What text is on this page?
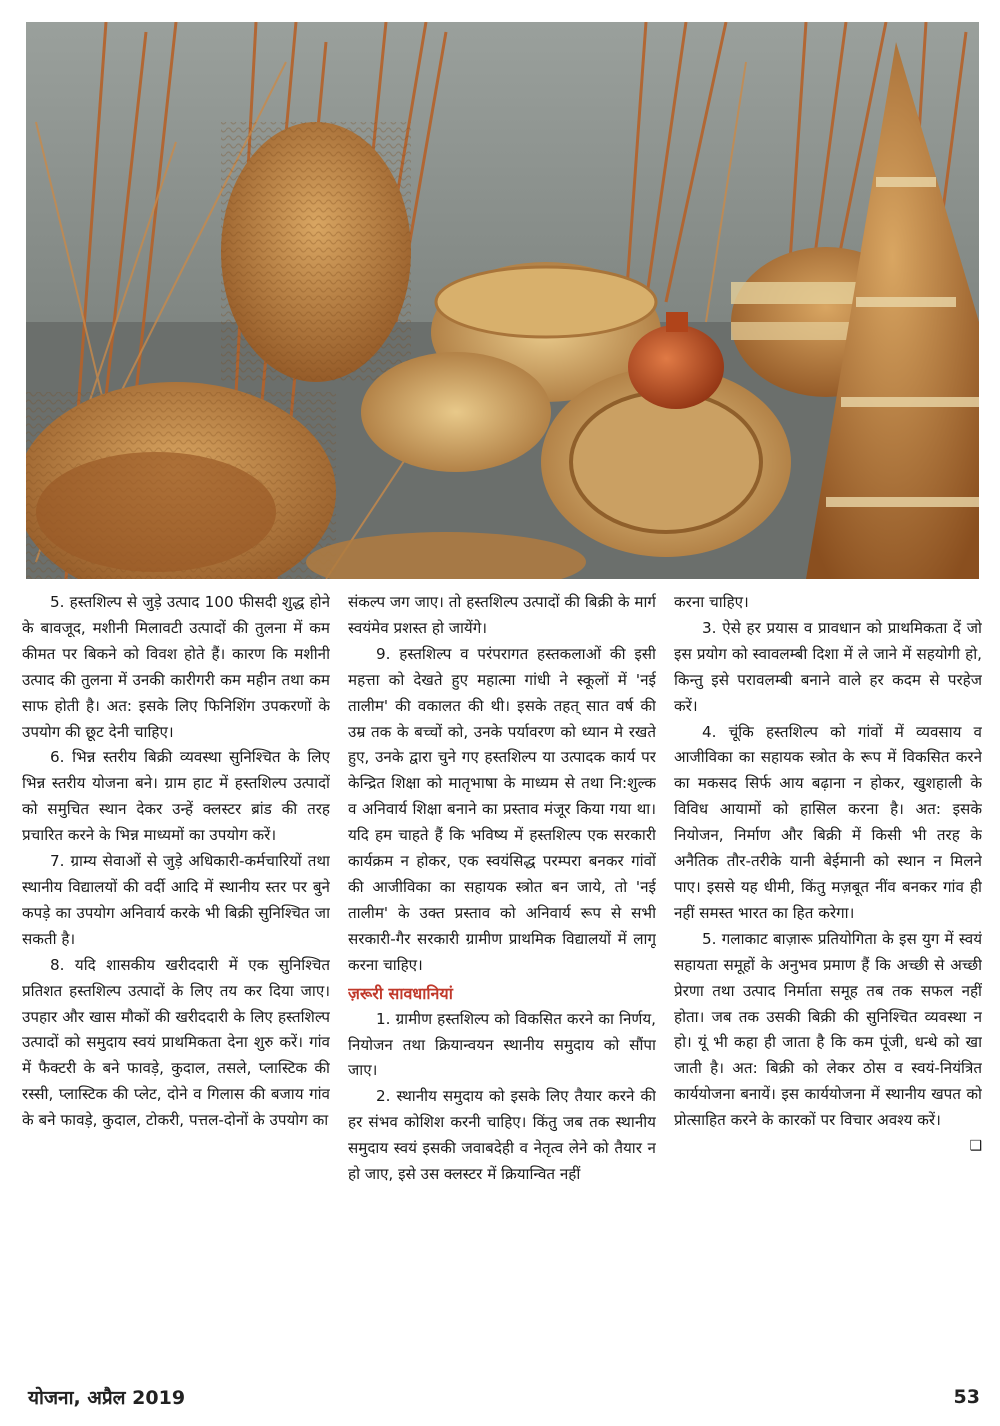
5. हस्तशिल्प से जुड़े उत्पाद 100 फीसदी शुद्ध होने के बावजूद, मशीनी मिलावटी उत्पादों की तुलना में कम कीमत पर बिकने को विवश होते हैं। कारण कि मशीनी उत्पाद की तुलना में उनकी कारीगरी कम महीन तथा कम साफ होती है। अत: इसके लिए फिनिशिंग उपकरणों के उपयोग की छूट देनी चाहिए।

6. भिन्न स्तरीय बिक्री व्यवस्था सुनिश्चित के लिए भिन्न स्तरीय योजना बने। ग्राम हाट में हस्तशिल्प उत्पादों को समुचित स्थान देकर उन्हें क्लस्टर ब्रांड की तरह प्रचारित करने के भिन्न माध्यमों का उपयोग करें।

7. ग्राम्य सेवाओं से जुड़े अधिकारी-कर्मचारियों तथा स्थानीय विद्यालयों की वर्दी आदि में स्थानीय स्तर पर बुने कपड़े का उपयोग अनिवार्य करके भी बिक्री सुनिश्चित जा सकती है।

8. यदि शासकीय खरीददारी में एक सुनिश्चित प्रतिशत हस्तशिल्प उत्पादों के लिए तय कर दिया जाए। उपहार और खास मौकों की खरीददारी के लिए हस्तशिल्प उत्पादों को समुदाय स्वयं प्राथमिकता देना शुरु करें। गांव में फैक्टरी के बने फावड़े, कुदाल, तसले, प्लास्टिक की रस्सी, प्लास्टिक की प्लेट, दोने व गिलास की बजाय गांव के बने फावड़े, कुदाल, टोकरी, पत्तल-दोनों के उपयोग का

संकल्प जग जाए। तो हस्तशिल्प उत्पादों की बिक्री के मार्ग स्वयंमेव प्रशस्त हो जायेंगे।

9. हस्तशिल्प व परंपरागत हस्तकलाओं की इसी महत्ता को देखते हुए महात्मा गांधी ने स्कूलों में 'नई तालीम' की वकालत की थी। इसके तहत् सात वर्ष की उम्र तक के बच्चों को, उनके पर्यावरण को ध्यान मे रखते हुए, उनके द्वारा चुने गए हस्तशिल्प या उत्पादक कार्य पर केन्द्रित शिक्षा को मातृभाषा के माध्यम से तथा नि:शुल्क व अनिवार्य शिक्षा बनाने का प्रस्ताव मंजूर किया गया था। यदि हम चाहते हैं कि भविष्य में हस्तशिल्प एक सरकारी कार्यक्रम न होकर, एक स्वयंसिद्ध परम्परा बनकर गांवों की आजीविका का सहायक स्त्रोत बन जाये, तो 'नई तालीम' के उक्त प्रस्ताव को अनिवार्य रूप से सभी सरकारी-गैर सरकारी ग्रामीण प्राथमिक विद्यालयों में लागू करना चाहिए।

ज़रूरी सावधानियां

1. ग्रामीण हस्तशिल्प को विकसित करने का निर्णय, नियोजन तथा क्रियान्वयन स्थानीय समुदाय को सौंपा जाए।

2. स्थानीय समुदाय को इसके लिए तैयार करने की हर संभव कोशिश करनी चाहिए। किंतु जब तक स्थानीय समुदाय स्वयं इसकी जवाबदेही व नेतृत्व लेने को तैयार न हो जाए, इसे उस क्लस्टर में क्रियान्वित नहीं

करना चाहिए।

3. ऐसे हर प्रयास व प्रावधान को प्राथमिकता दें जो इस प्रयोग को स्वावलम्बी दिशा में ले जाने में सहयोगी हो, किन्तु इसे परावलम्बी बनाने वाले हर कदम से परहेज करें।

4. चूंकि हस्तशिल्प को गांवों में व्यवसाय व आजीविका का सहायक स्त्रोत के रूप में विकसित करने का मकसद सिर्फ आय बढ़ाना न होकर, खुशहाली के विविध आयामों को हासिल करना है। अत: इसके नियोजन, निर्माण और बिक्री में किसी भी तरह के अनैतिक तौर-तरीके यानी बेईमानी को स्थान न मिलने पाए। इससे यह धीमी, किंतु मज़बूत नींव बनकर गांव ही नहीं समस्त भारत का हित करेगा।

5. गलाकाट बाज़ारू प्रतियोगिता के इस युग में स्वयं सहायता समूहों के अनुभव प्रमाण हैं कि अच्छी से अच्छी प्रेरणा तथा उत्पाद निर्माता समूह तब तक सफल नहीं होता। जब तक उसकी बिक्री की सुनिश्चित व्यवस्था न हो। यूं भी कहा ही जाता है कि कम पूंजी, धन्धे को खा जाती है। अत: बिक्री को लेकर ठोस व स्वयं-नियंत्रित कार्ययोजना बनायें। इस कार्ययोजना में स्थानीय खपत को प्रोत्साहित करने के कारकों पर विचार अवश्य करें।

❑
योजना, अप्रैल 2019	53
